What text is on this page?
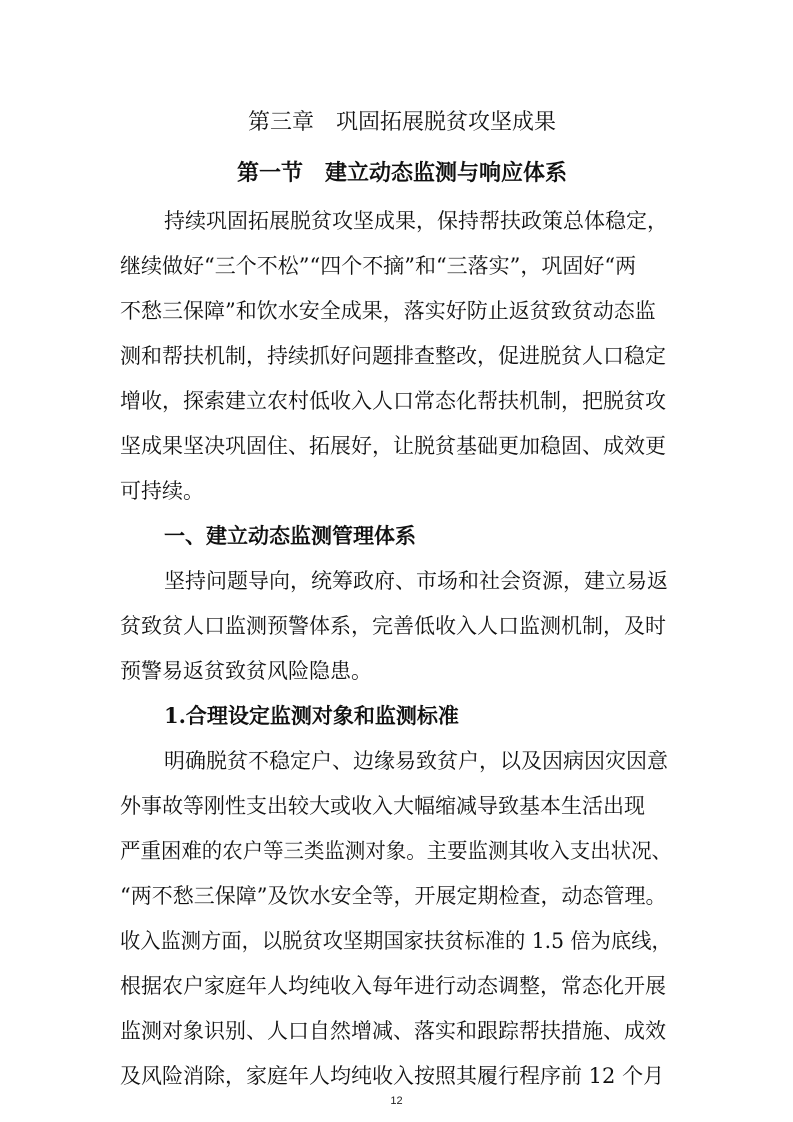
第三章　巩固拓展脱贫攻坚成果
第一节　建立动态监测与响应体系
持续巩固拓展脱贫攻坚成果，保持帮扶政策总体稳定，
继续做好“三个不松”“四个不摘”和“三落实”，巩固好“两
不愁三保障”和饮水安全成果，落实好防止返贫致贫动态监
测和帮扶机制，持续抓好问题排查整改，促进脱贫人口稳定
增收，探索建立农村低收入人口常态化帮扶机制，把脱贫攻
坚成果坚决巩固住、拓展好，让脱贫基础更加稳固、成效更
可持续。
一、建立动态监测管理体系
坚持问题导向，统筹政府、市场和社会资源，建立易返
贫致贫人口监测预警体系，完善低收入人口监测机制，及时
预警易返贫致贫风险隐患。
1.合理设定监测对象和监测标准
明确脱贫不稳定户、边缘易致贫户，以及因病因灾因意
外事故等刚性支出较大或收入大幅缩减导致基本生活出现
严重困难的农户等三类监测对象。主要监测其收入支出状况、
“两不愁三保障”及饮水安全等，开展定期检查，动态管理。
收入监测方面，以脱贫攻坚期国家扶贫标准的 1.5 倍为底线，
根据农户家庭年人均纯收入每年进行动态调整，常态化开展
监测对象识别、人口自然增减、落实和跟踪帮扶措施、成效
及风险消除，家庭年人均纯收入按照其履行程序前 12 个月
12
